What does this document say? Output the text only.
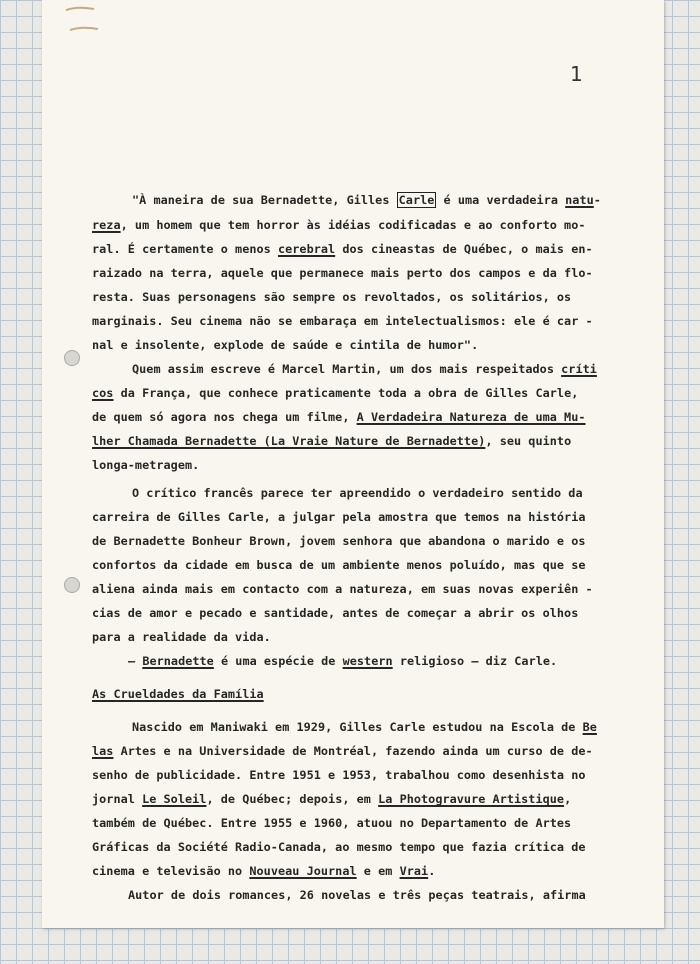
1
"À maneira de sua Bernadette, Gilles Carle é uma verdadeira natu-
reza, um homem que tem horror às idéias codificadas e ao conforto mo-
ral. É certamente o menos cerebral dos cineastas de Québec, o mais en-
raizado na terra, aquele que permanece mais perto dos campos e da flo-
resta. Suas personagens são sempre os revoltados, os solitários, os
marginais. Seu cinema não se embaraça em intelectualismos: ele é car -
nal e insolente, explode de saúde e cintila de humor".
Quem assim escreve é Marcel Martin, um dos mais respeitados críti
cos da França, que conhece praticamente toda a obra de Gilles Carle,
de quem só agora nos chega um filme, A Verdadeira Natureza de uma Mu-
lher Chamada Bernadette (La Vraie Nature de Bernadette), seu quinto
longa-metragem.
O crítico francês parece ter apreendido o verdadeiro sentido da
carreira de Gilles Carle, a julgar pela amostra que temos na história
de Bernadette Bonheur Brown, jovem senhora que abandona o marido e os
confortos da cidade em busca de um ambiente menos poluído, mas que se
aliena ainda mais em contacto com a natureza, em suas novas experiên -
cias de amor e pecado e santidade, antes de começar a abrir os olhos
para a realidade da vida.
— Bernadette é uma espécie de western religioso — diz Carle.
As Crueldades da Família
Nascido em Maniwaki em 1929, Gilles Carle estudou na Escola de Be
las Artes e na Universidade de Montréal, fazendo ainda um curso de de-
senho de publicidade. Entre 1951 e 1953, trabalhou como desenhista no
jornal Le Soleil, de Québec; depois, em La Photogravure Artistique,
também de Québec. Entre 1955 e 1960, atuou no Departamento de Artes
Gráficas da Société Radio-Canada, ao mesmo tempo que fazia crítica de
cinema e televisão no Nouveau Journal e em Vrai.
Autor de dois romances, 26 novelas e três peças teatrais, afirma
